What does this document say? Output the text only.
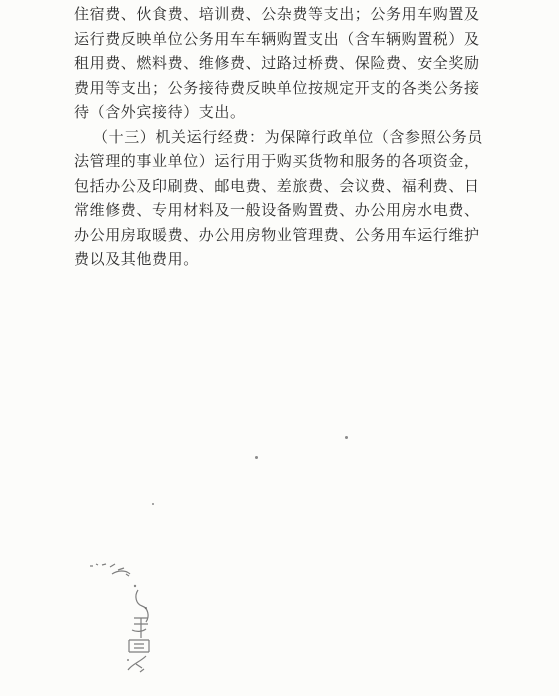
住宿费、伙食费、培训费、公杂费等支出；公务用车购置及

运行费反映单位公务用车车辆购置支出（含车辆购置税）及

租用费、燃料费、维修费、过路过桥费、保险费、安全奖励

费用等支出；公务接待费反映单位按规定开支的各类公务接

待（含外宾接待）支出。

（十三）机关运行经费：为保障行政单位（含参照公务员

法管理的事业单位）运行用于购买货物和服务的各项资金，

包括办公及印刷费、邮电费、差旅费、会议费、福利费、日

常维修费、专用材料及一般设备购置费、办公用房水电费、

办公用房取暖费、办公用房物业管理费、公务用车运行维护

费以及其他费用。
